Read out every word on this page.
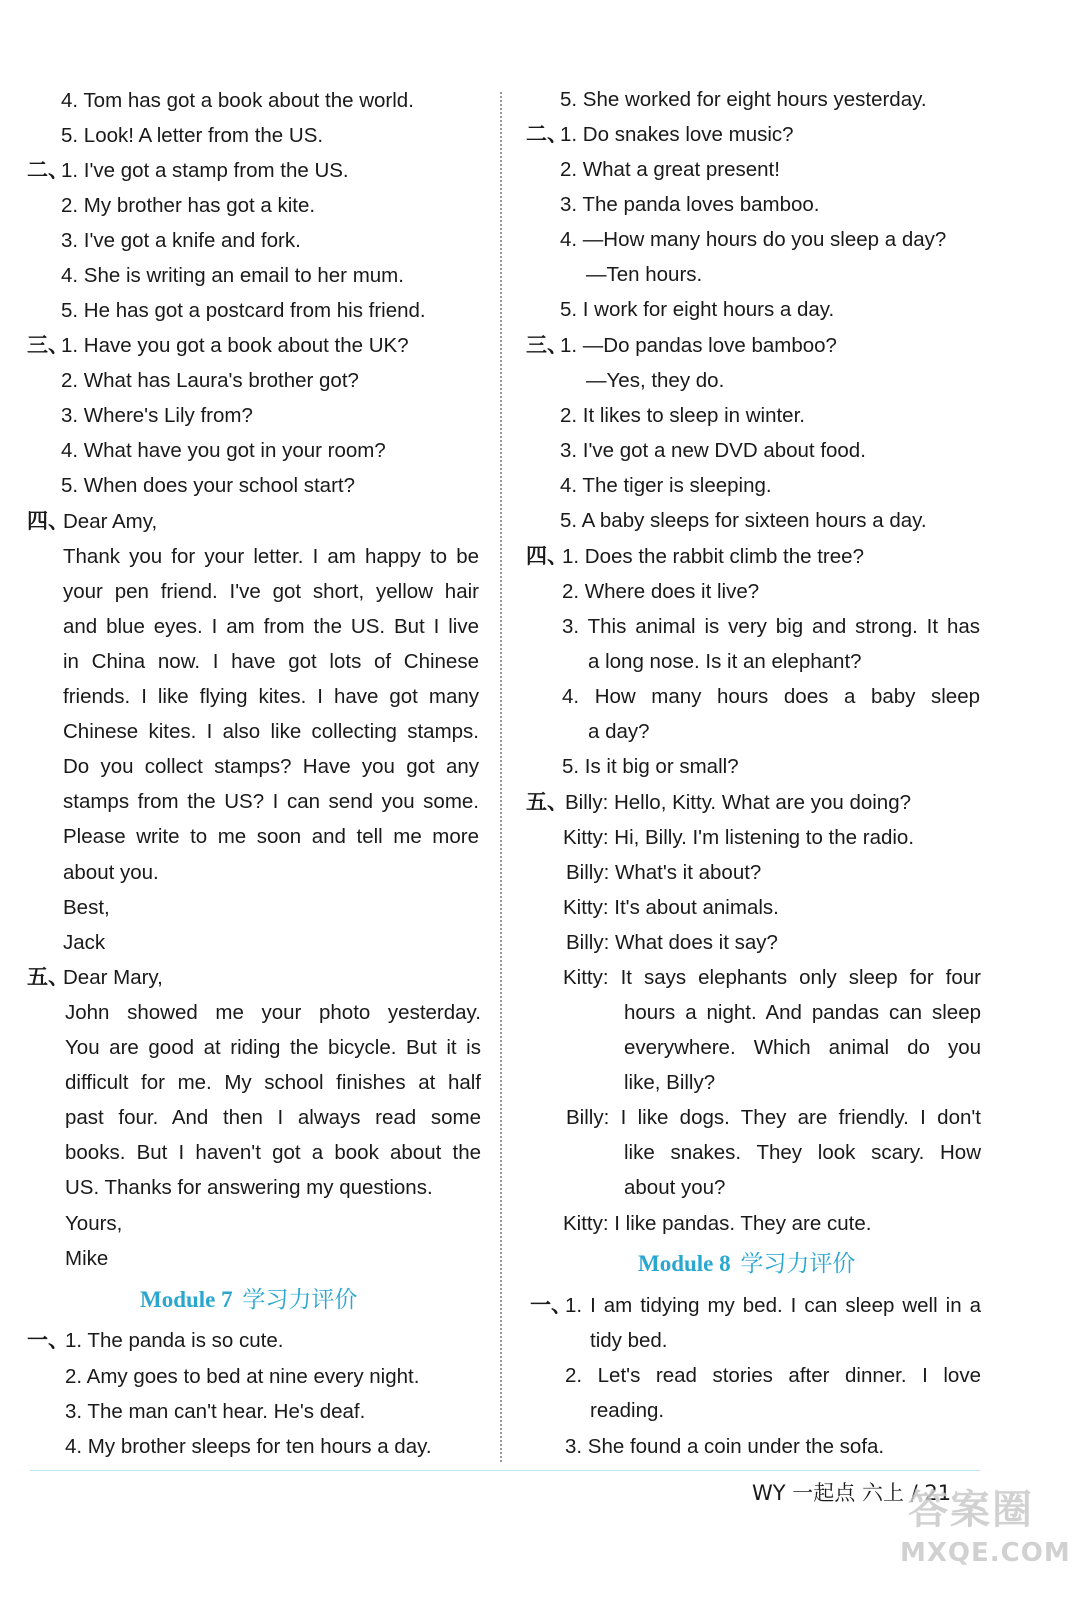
4. Tom has got a book about the world.
5. Look! A letter from the US.
二、
1. I've got a stamp from the US.
2. My brother has got a kite.
3. I've got a knife and fork.
4. She is writing an email to her mum.
5. He has got a postcard from his friend.
三、
1. Have you got a book about the UK?
2. What has Laura's brother got?
3. Where's Lily from?
4. What have you got in your room?
5. When does your school start?
四、
Dear Amy,
Thank you for your letter. I am happy to be
your pen friend. I've got short, yellow hair
and blue eyes. I am from the US. But I live
in China now. I have got lots of Chinese
friends. I like flying kites. I have got many
Chinese kites. I also like collecting stamps.
Do you collect stamps? Have you got any
stamps from the US? I can send you some.
Please write to me soon and tell me more
about you.
Best,
Jack
五、
Dear Mary,
John showed me your photo yesterday.
You are good at riding the bicycle. But it is
difficult for me. My school finishes at half
past four. And then I always read some
books. But I haven't got a book about the
US. Thanks for answering my questions.
Yours,
Mike
Module 7 学习力评价
一、
1. The panda is so cute.
2. Amy goes to bed at nine every night.
3. The man can't hear. He's deaf.
4. My brother sleeps for ten hours a day.
5. She worked for eight hours yesterday.
二、
1. Do snakes love music?
2. What a great present!
3. The panda loves bamboo.
4. —How many hours do you sleep a day?
—Ten hours.
5. I work for eight hours a day.
三、
1. —Do pandas love bamboo?
—Yes, they do.
2. It likes to sleep in winter.
3. I've got a new DVD about food.
4. The tiger is sleeping.
5. A baby sleeps for sixteen hours a day.
四、
1. Does the rabbit climb the tree?
2. Where does it live?
3. This animal is very big and strong. It has
a long nose. Is it an elephant?
4. How many hours does a baby sleep
a day?
5. Is it big or small?
五、
Billy: Hello, Kitty. What are you doing?
Kitty: Hi, Billy. I'm listening to the radio.
Billy: What's it about?
Kitty: It's about animals.
Billy: What does it say?
Kitty: It says elephants only sleep for four
hours a night. And pandas can sleep
everywhere. Which animal do you
like, Billy?
Billy: I like dogs. They are friendly. I don't
like snakes. They look scary. How
about you?
Kitty: I like pandas. They are cute.
Module 8 学习力评价
一、
1. I am tidying my bed. I can sleep well in a
tidy bed.
2. Let's read stories after dinner. I love
reading.
3. She found a coin under the sofa.
WY 一起点 六上 / 21
答案圈
MXQE.COM
